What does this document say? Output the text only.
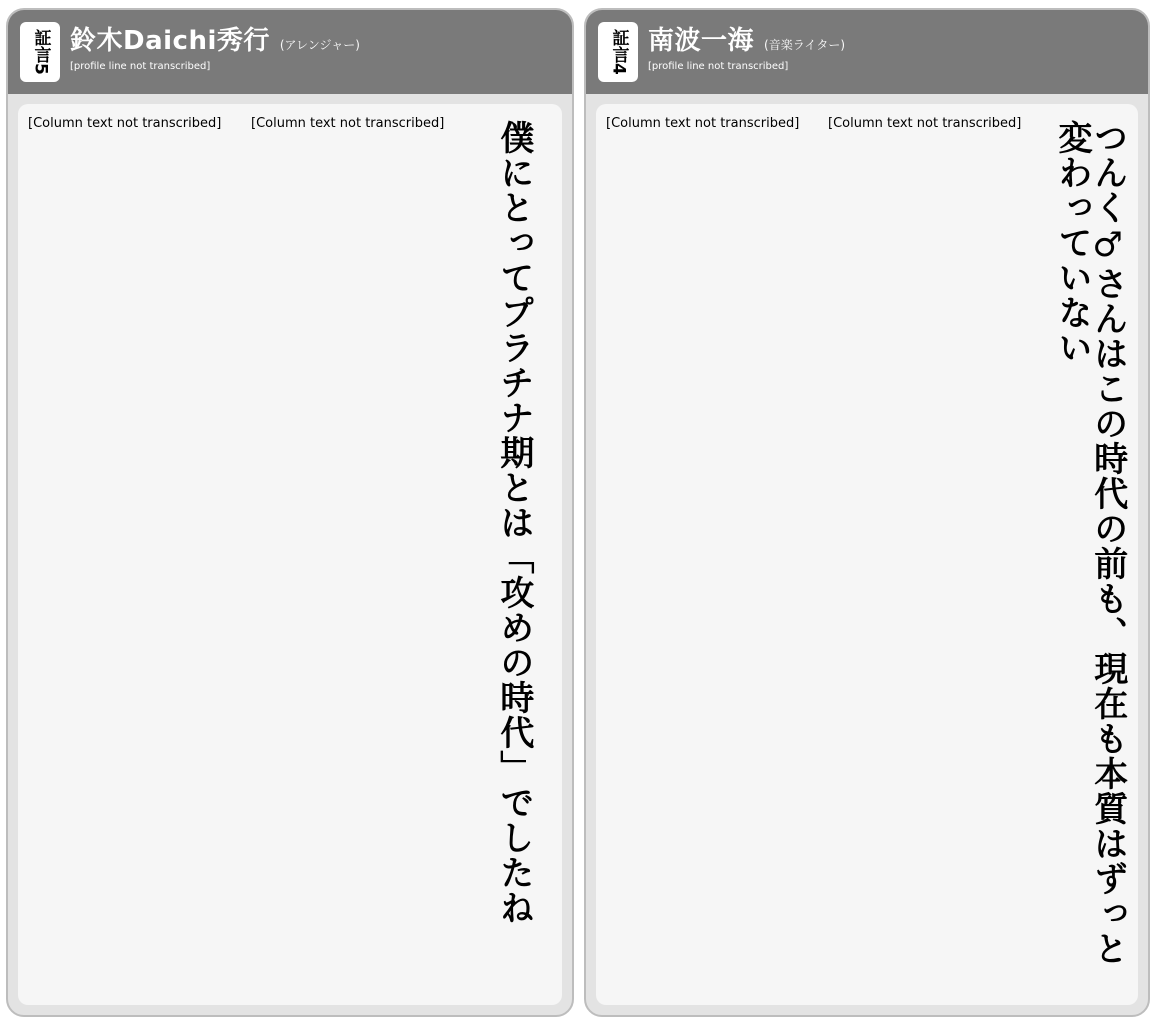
証言5 鈴木Daichi秀行 (アレンジャー)
[profile line not transcribed]
[Column text not transcribed]	[Column text not transcribed]	僕にとってプラチナ期とは「攻めの時代」でしたね
証言4 南波一海 (音楽ライター)
[profile line not transcribed]
[Column text not transcribed]	[Column text not transcribed]	つんく♂さんはこの時代の前も、現在も本質はずっと変わっていない
